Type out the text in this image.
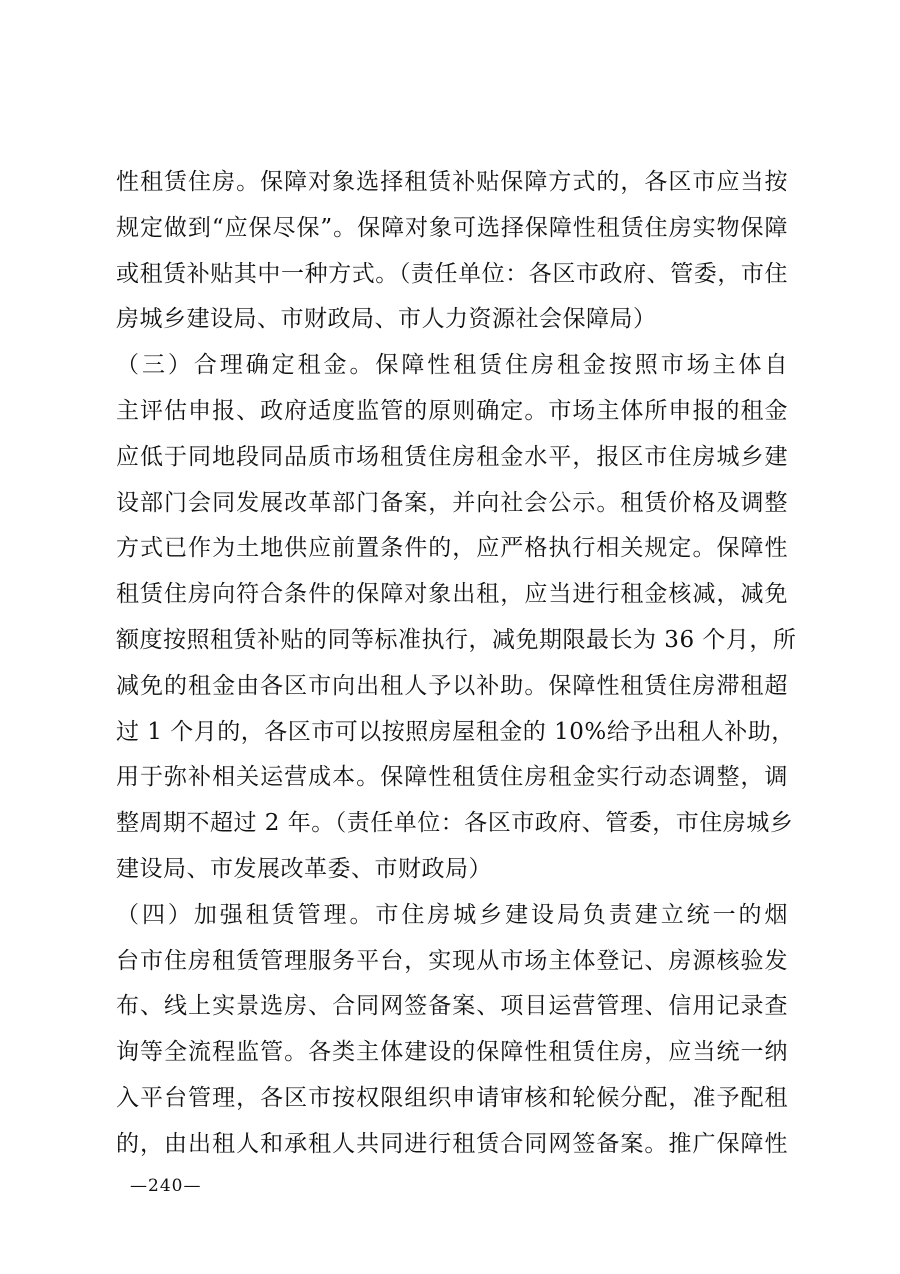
性租赁住房。保障对象选择租赁补贴保障方式的，各区市应当按
规定做到“应保尽保”。保障对象可选择保障性租赁住房实物保障
或租赁补贴其中一种方式。（责任单位：各区市政府、管委，市住
房城乡建设局、市财政局、市人力资源社会保障局）
（三）合理确定租金。保障性租赁住房租金按照市场主体自
主评估申报、政府适度监管的原则确定。市场主体所申报的租金
应低于同地段同品质市场租赁住房租金水平，报区市住房城乡建
设部门会同发展改革部门备案，并向社会公示。租赁价格及调整
方式已作为土地供应前置条件的，应严格执行相关规定。保障性
租赁住房向符合条件的保障对象出租，应当进行租金核减，减免
额度按照租赁补贴的同等标准执行，减免期限最长为 36 个月，所
减免的租金由各区市向出租人予以补助。保障性租赁住房滞租超
过 1 个月的，各区市可以按照房屋租金的 10%给予出租人补助，
用于弥补相关运营成本。保障性租赁住房租金实行动态调整，调
整周期不超过 2 年。（责任单位：各区市政府、管委，市住房城乡
建设局、市发展改革委、市财政局）
（四）加强租赁管理。市住房城乡建设局负责建立统一的烟
台市住房租赁管理服务平台，实现从市场主体登记、房源核验发
布、线上实景选房、合同网签备案、项目运营管理、信用记录查
询等全流程监管。各类主体建设的保障性租赁住房，应当统一纳
入平台管理，各区市按权限组织申请审核和轮候分配，准予配租
的，由出租人和承租人共同进行租赁合同网签备案。推广保障性
—240—
